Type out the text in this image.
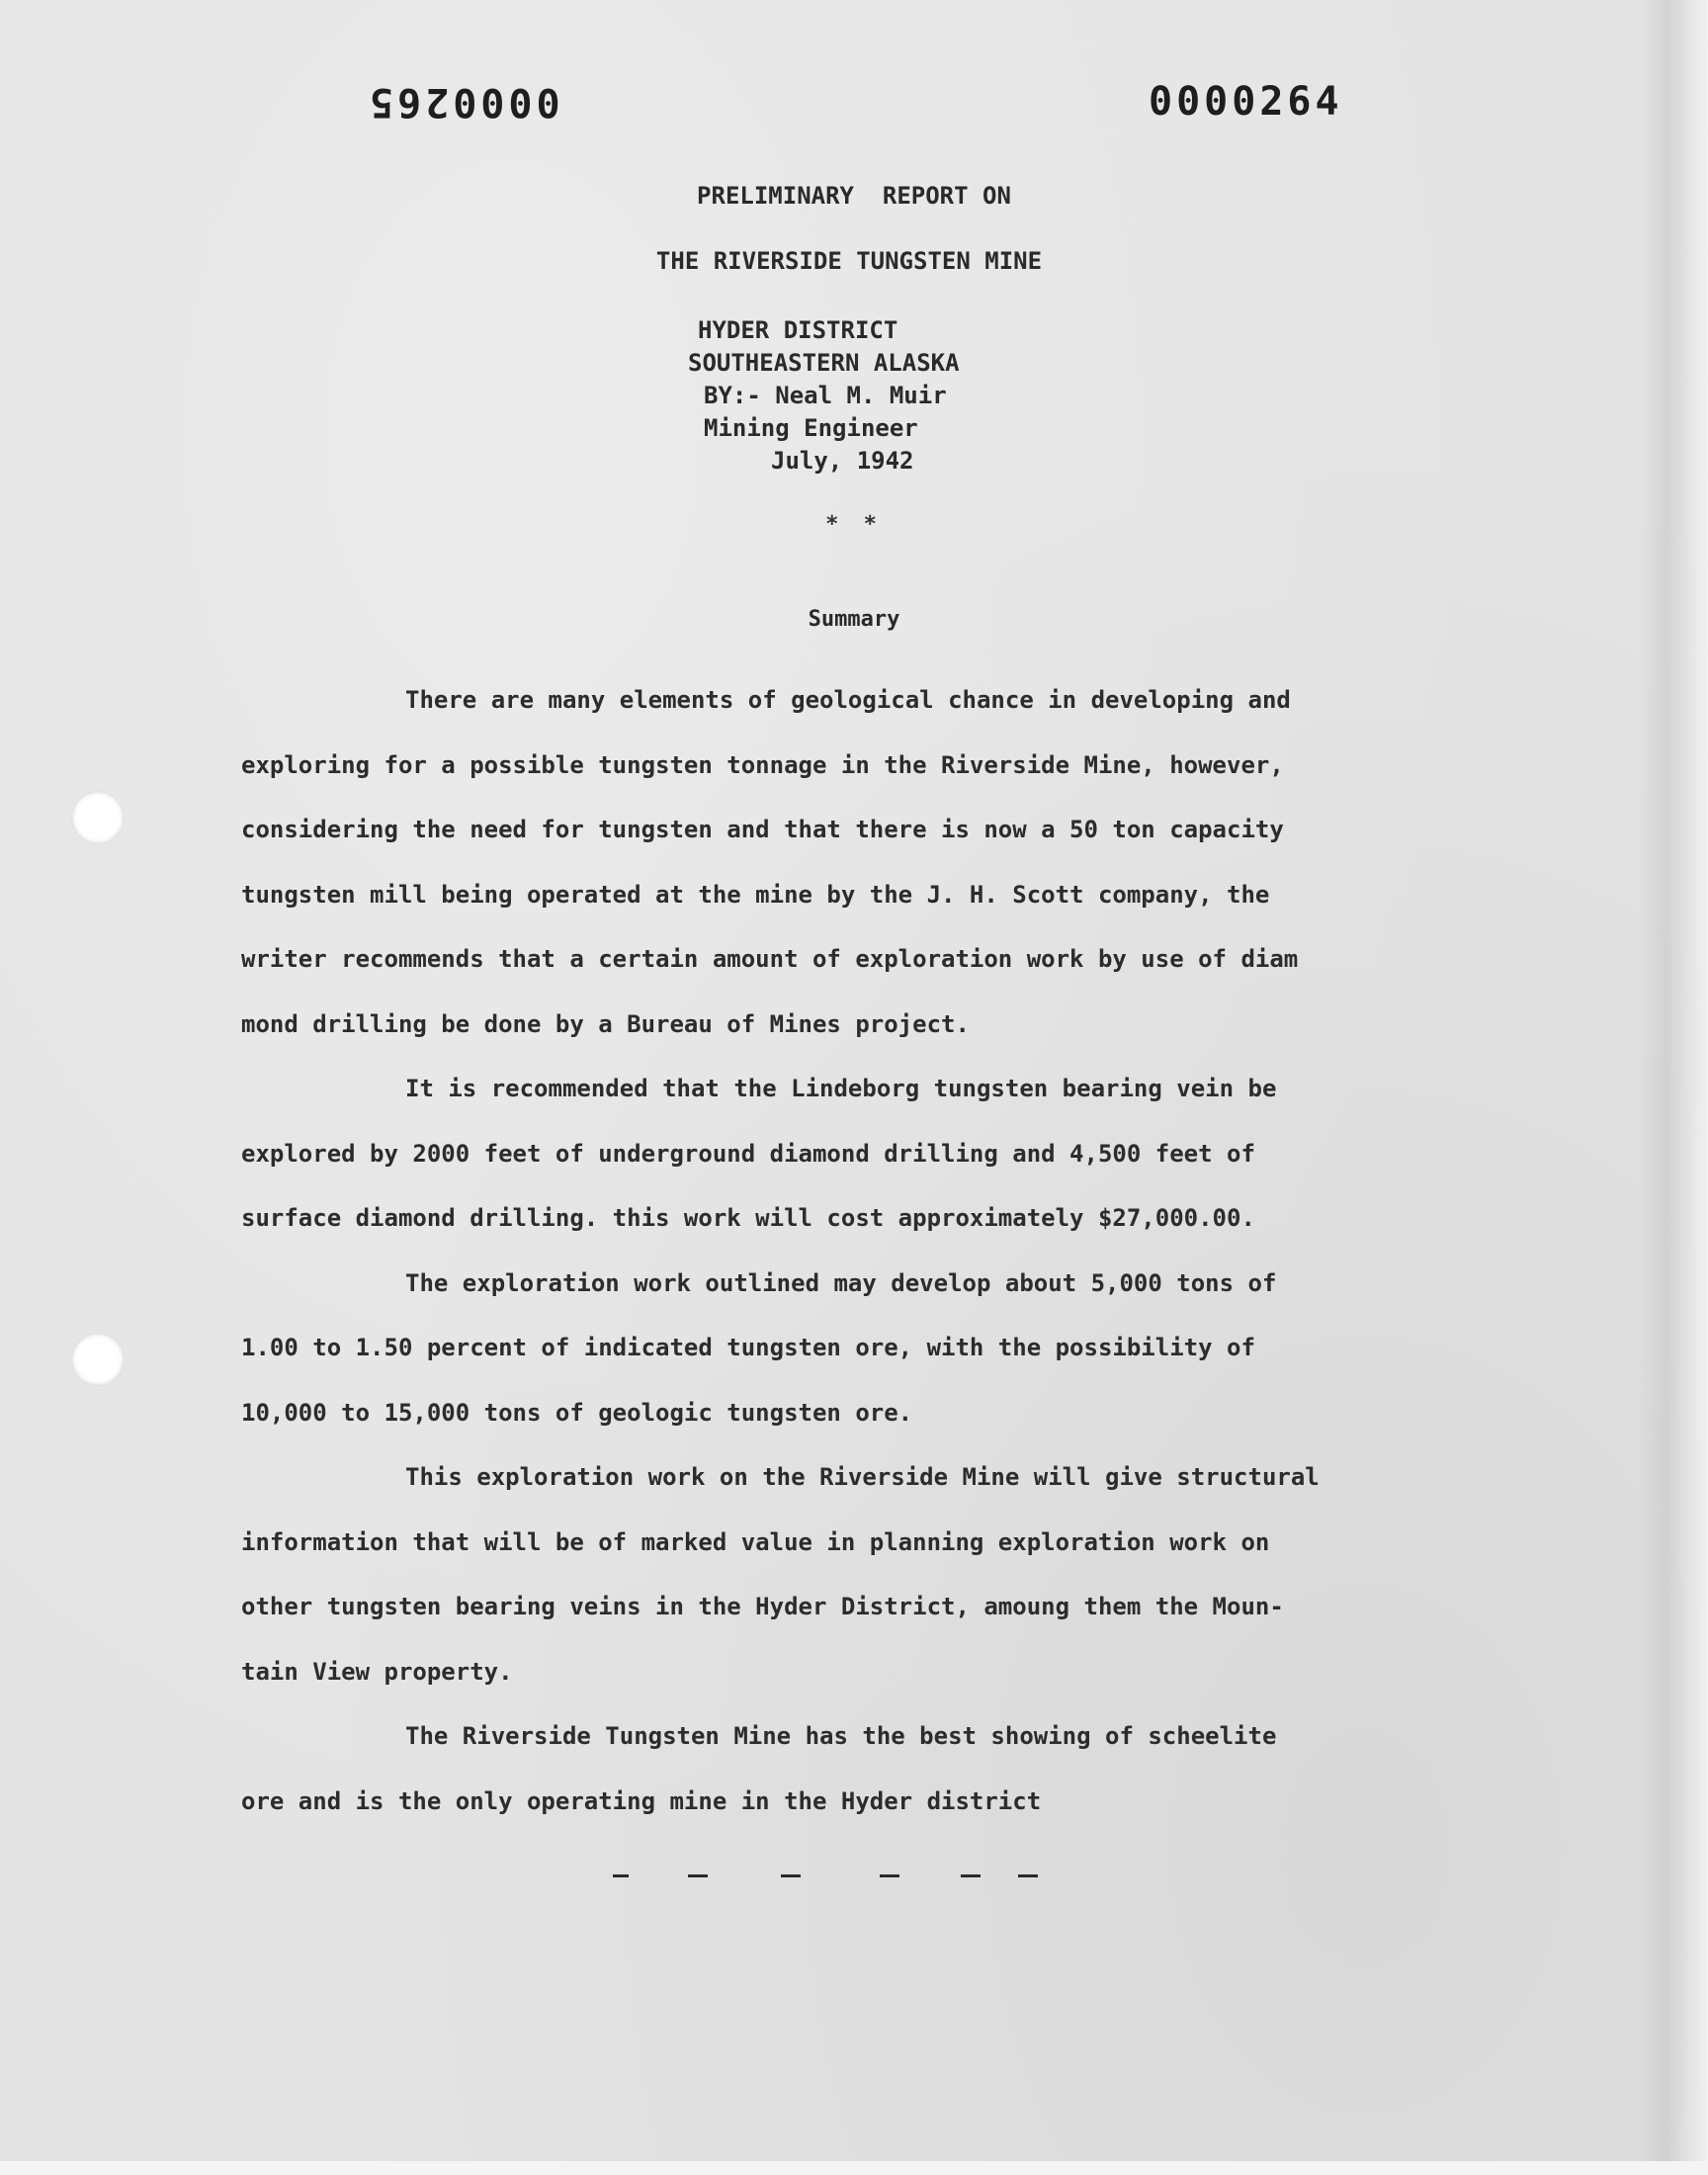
0000265	0000264
PRELIMINARY  REPORT ON
THE RIVERSIDE TUNGSTEN MINE
HYDER DISTRICT
SOUTHEASTERN ALASKA
BY:- Neal M. Muir
Mining Engineer
July, 1942
* *
Summary
There are many elements of geological chance in developing and
exploring for a possible tungsten tonnage in the Riverside Mine, however,
considering the need for tungsten and that there is now a 50 ton capacity
tungsten mill being operated at the mine by the J. H. Scott company, the
writer recommends that a certain amount of exploration work by use of diam
mond drilling be done by a Bureau of Mines project.
It is recommended that the Lindeborg tungsten bearing vein be
explored by 2000 feet of underground diamond drilling and 4,500 feet of
surface diamond drilling. this work will cost approximately $27,000.00.
The exploration work outlined may develop about 5,000 tons of
1.00 to 1.50 percent of indicated tungsten ore, with the possibility of
10,000 to 15,000 tons of geologic tungsten ore.
This exploration work on the Riverside Mine will give structural
information that will be of marked value in planning exploration work on
other tungsten bearing veins in the Hyder District, amoung them the Moun-
tain View property.
The Riverside Tungsten Mine has the best showing of scheelite
ore and is the only operating mine in the Hyder district
